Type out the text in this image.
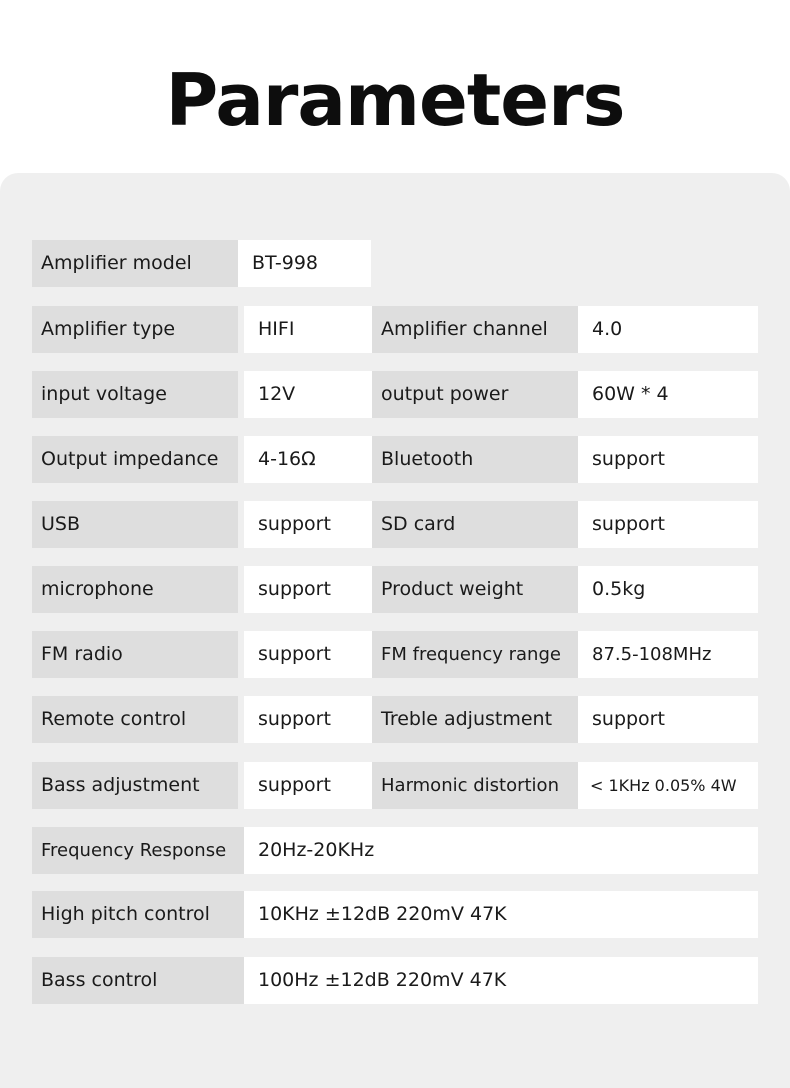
Parameters
Amplifier model	BT-998
Amplifier type	HIFI	Amplifier channel	4.0
input voltage	12V	output power	60W * 4
Output impedance	4-16Ω	Bluetooth	support
USB	support	SD card	support
microphone	support	Product weight	0.5kg
FM radio	support	FM frequency range	87.5-108MHz
Remote control	support	Treble adjustment	support
Bass adjustment	support	Harmonic distortion	< 1KHz 0.05% 4W
Frequency Response	20Hz-20KHz
High pitch control	10KHz ±12dB 220mV 47K
Bass control	100Hz ±12dB 220mV 47K
